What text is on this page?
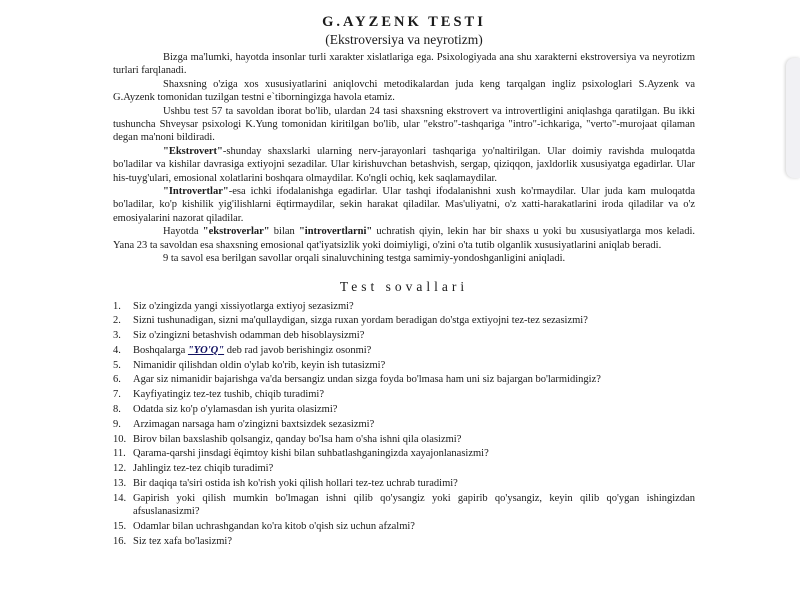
G.AYZENK TESTI

(Ekstroversiya va neyrotizm)

Bizga ma'lumki, hayotda insonlar turli xarakter xislatlariga ega. Psixologiyada ana shu xarakterni ekstroversiya va neyrotizm turlari farqlanadi.

Shaxsning o'ziga xos xususiyatlarini aniqlovchi metodikalardan juda keng tarqalgan ingliz psixologlari S.Ayzenk va G.Ayzenk tomonidan tuzilgan testni e`tiborningizga havola etamiz.

Ushbu test 57 ta savoldan iborat bo'lib, ulardan 24 tasi shaxsning ekstrovert va introvertligini aniqlashga qaratilgan. Bu ikki tushuncha Shveysar psixologi K.Yung tomonidan kiritilgan bo'lib, ular "ekstro"-tashqariga "intro"-ichkariga, "verto"-murojaat qilaman degan ma'noni bildiradi.

"Ekstrovert"-shunday shaxslarki ularning nerv-jarayonlari tashqariga yo'naltirilgan. Ular doimiy ravishda muloqatda bo'ladilar va kishilar davrasiga extiyojni sezadilar. Ular kirishuvchan betashvish, sergap, qiziqqon, jaxldorlik xususiyatga egadirlar. Ular his-tuyg'ulari, emosional xolatlarini boshqara olmaydilar. Ko'ngli ochiq, kek saqlamaydilar.

"Introvertlar"-esa ichki ifodalanishga egadirlar. Ular tashqi ifodalanishni xush ko'rmaydilar. Ular juda kam muloqatda bo'ladilar, ko'p kishilik yig'ilishlarni ёqtirmaydilar, sekin harakat qiladilar. Mas'uliyatni, o'z xatti-harakatlarini iroda qiladilar va o'z emosiyalarini nazorat qiladilar.

Hayotda "ekstroverlar" bilan "introvertlarni" uchratish qiyin, lekin har bir shaxs u yoki bu xususiyatlarga mos keladi. Yana 23 ta savoldan esa shaxsning emosional qat'iyatsizlik yoki doimiyligi, o'zini o'ta tutib olganlik xususiyatlarini aniqlab beradi.

9 ta savol esa berilgan savollar orqali sinaluvchining testga samimiy-yondoshganligini aniqladi.

Test sovallari

1.	Siz o'zingizda yangi xissiyotlarga extiyoj sezasizmi?
2.	Sizni tushunadigan, sizni ma'qullaydigan, sizga ruxan yordam beradigan do'stga extiyojni tez-tez sezasizmi?
3.	Siz o'zingizni betashvish odamman deb hisoblaysizmi?
4.	Boshqalarga "YO'Q" deb rad javob berishingiz osonmi?
5.	Nimanidir qilishdan oldin o'ylab ko'rib, keyin ish tutasizmi?
6.	Agar siz nimanidir bajarishga va'da bersangiz undan sizga foyda bo'lmasa ham uni siz bajargan bo'larmidingiz?
7.	Kayfiyatingiz tez-tez tushib, chiqib turadimi?
8.	Odatda siz ko'p o'ylamasdan ish yurita olasizmi?
9.	Arzimagan narsaga ham o'zingizni baxtsizdek sezasizmi?
10. Birov bilan baxslashib qolsangiz, qanday bo'lsa ham o'sha ishni qila olasizmi?
11. Qarama-qarshi jinsdagi ёqimtoy kishi bilan suhbatlashganingizda xayajonlanasizmi?
12. Jahlingiz tez-tez chiqib turadimi?
13. Bir daqiqa ta'siri ostida ish ko'rish yoki qilish hollari tez-tez uchrab turadimi?
14. Gapirish yoki qilish mumkin bo'lmagan ishni qilib qo'ysangiz yoki gapirib qo'ysangiz, keyin qilib qo'ygan ishingizdan afsuslanasizmi?
15. Odamlar bilan uchrashgandan ko'ra kitob o'qish siz uchun afzalmi?
16. Siz tez xafa bo'lasizmi?
